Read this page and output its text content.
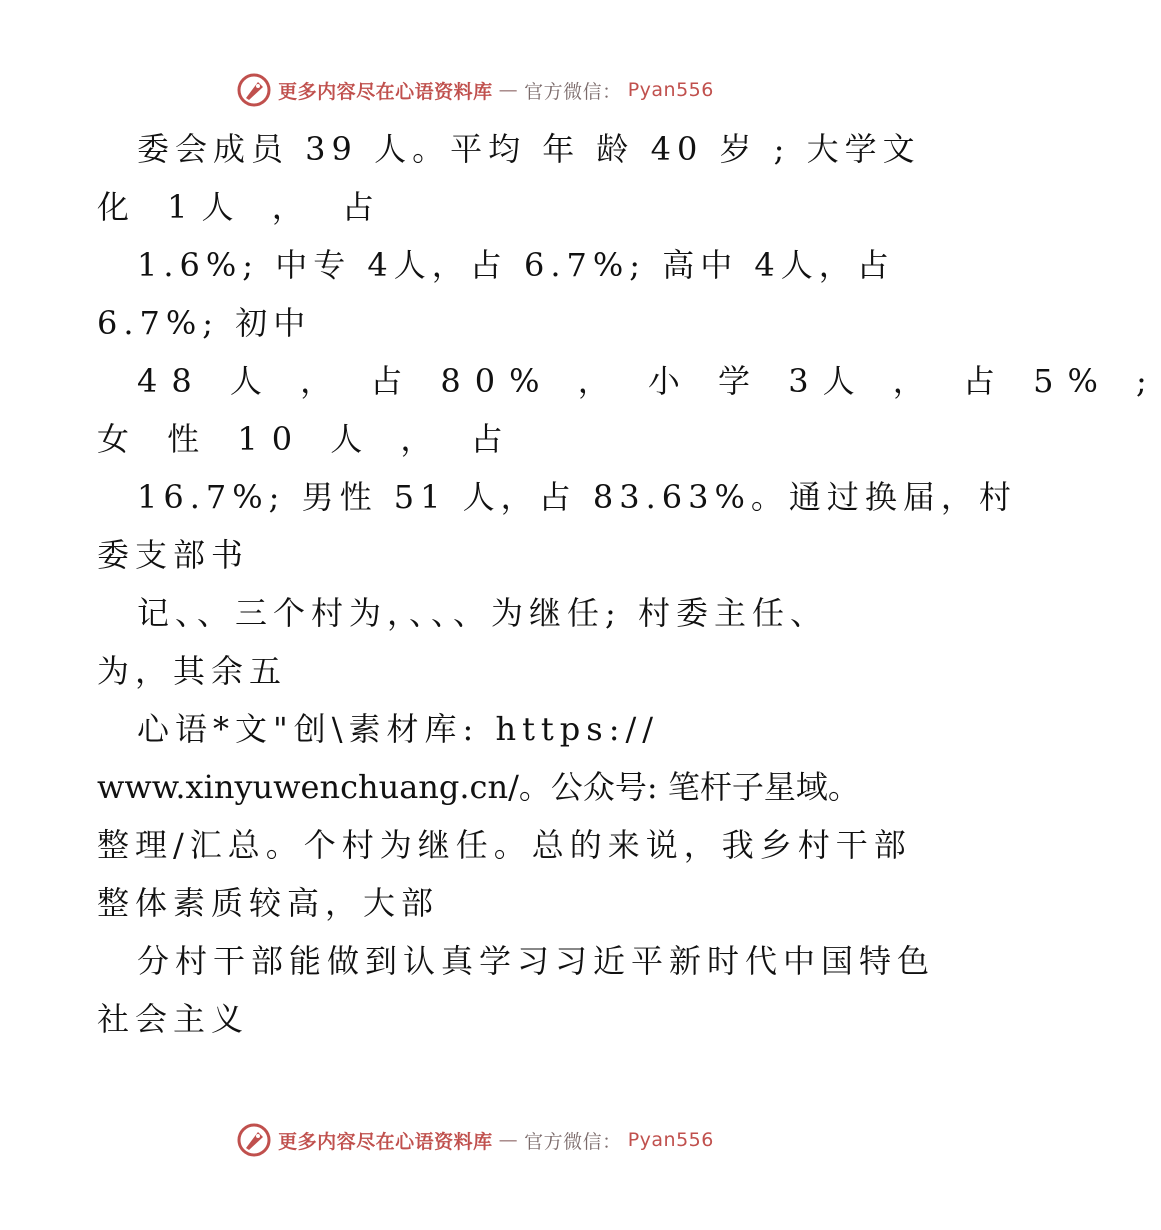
更多内容尽在心语资料库 — 官方微信： Pyan556
委会成员 39 人。平均 年 龄 40 岁 ; 大学文
化 1人 ， 占
1.6%; 中专 4人，占 6.7%; 高中 4人，占
6.7%; 初中
48 人 ， 占 80% ， 小 学 3人 ， 占 5% ;
女 性 10 人 ， 占
16.7%; 男性 51 人，占 83.63%。通过换届，村
委支部书
记、、三个村为，、、、为继任; 村委主任、
为，其余五
心语*文"创\素材库: https://
www.xinyuwenchuang.cn/。公众号: 笔杆子星域。
整理/汇总。个村为继任。总的来说，我乡村干部
整体素质较高，大部
分村干部能做到认真学习习近平新时代中国特色
社会主义
更多内容尽在心语资料库 — 官方微信： Pyan556
